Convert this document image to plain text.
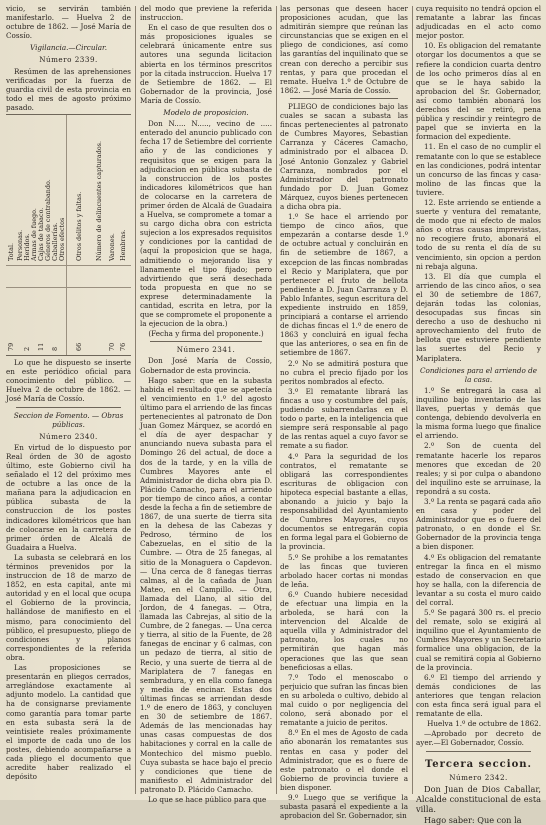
vicio, se servirán también manifestarlo. — Huelva 2 de octubre de 1862. — José María de Cossío.

Vigilancia.—Circular.

Número 2339.

Resúmen de las aprehensiones verificadas por la fuerza de guardia civil de esta provincia en todo el mes de agosto próximo pasado.

Total. Personas. Heridos. Armas de fuego. Cajas de tabaco. Géneros de contrabando. Caballerías. Otros efectos Otros delitos y faltas. Número de delincuentes capturados. Varones. Hembras.
79 2 11 8	66	70 76

Lo que he dispuesto se inserte en este periódico oficial para conocimiento del público. — Huelva 2 de octubre de 1862. — José María de Cossío.

Seccion de Fomento. — Obras públicas.

Número 2340.

En virtud de lo dispuesto por Real órden de 30 de agosto último, este Gobierno civil ha señalado el 12 del próximo mes de octubre a las once de la mañana para la adjudicacion en pública subasta de la construccion de los postes indicadores kilométricos que han de colocarse en la carretera de primer órden de Alcalá de Guadaira a Huelva.

La subasta se celebrará en los términos prevenidos por la instruccion de 18 de marzo de 1852, en esta capital, ante mi autoridad y en el local que ocupa el Gobierno de la provincia, hallándose de manifiesto en el mismo, para conocimiento del público, el presupuesto, pliego de condiciones y planos correspondientes de la referida obra.

Las proposiciones se presentarán en pliegos cerrados, arreglándose exactamente al adjunto modelo. La cantidad que ha de consignarse previamente como garantía para tomar parte en esta subasta será la de veintisiete reales próximamente el importe de cada uno de los postes, debiendo acompañarse a cada pliego el documento que acredite haber realizado el depósito

del modo que previene la referida instruccion.

En el caso de que resulten dos o más proposiciones iguales se celebrará únicamente entre sus autores una segunda licitacion abierta en los términos prescritos por la citada instruccion. Huelva 17 de Setiembre de 1862. — El Gobernador de la provincia, José María de Cossío.

Modelo de proposicion.

Don N..... N....., vecino de ..... enterado del anuncio publicado con fecha 17 de Setiembre del corriente año y de las condiciones y requisitos que se exigen para la adjudicacion en pública subasta de la construccion de los postes indicadores kilométricos que han de colocarse en la carretera de primer órden de Alcalá de Guadaira a Huelva, se compromete a tomar a su cargo dicha obra con estricta sujecion a los expresados requisitos y condiciones por la cantidad de (aquí la proposicion que se haga, admitiendo o mejorando lisa y llanamente el tipo fijado; pero advirtiendo que será desechada toda propuesta en que no se exprese determinadamente la cantidad, escrita en letra, por la que se compromete el proponente a la ejecucion de la obra.)

(Fecha y firma del proponente.)

Número 2341.

Don José María de Cossío, Gobernador de esta provincia.

Hago saber: que en la subasta habida el resultado que se apetecía el vencimiento en 1.º del agosto último para el arriendo de las fincas pertenecientes al patronato de Don Juan Gomez Márquez, se acordó en el día de ayer despachar y anunciando nueva subasta para el Domingo 26 del actual, de doce a dos de la tarde, y en la villa de Cumbres Mayores ante el Administrador de dicha obra pia D. Plácido Camacho, para el arriendo por tiempo de cinco años, a contar desde la fecha a fin de setiembre de 1867, de una suerte de tierra sita en la dehesa de las Cabezas y Pedroso, término de los Cabezuelas, en el sitio de la Cumbre. — Otra de 25 fanegas, al sitio de la Monaguera o Capdevon. — Una cerca de 8 fanegas tierras calmas, al de la cañada de Juan Mateo, en el Campillo. — Otra, llamada del Llano, al sitio del Jordon, de 4 fanegas. — Otra, llamada las Cabrejas, al sitio de la Cumbre, de 2 fanegas. — Una cerca y tierra, al sitio de la Fuente, de 28 fanegas de encinar y 6 calmas, con un pedazo de tierra, al sitio de Recio, y una suerte de tierra al de Mariplatera de 7 fanegas en sembradura, y en ella como fanega y media de encinar. Estas dos últimas fincas se arriendan desde 1.º de enero de 1863, y concluyen en 30 de setiembre de 1867. Además de las mencionadas hay unas casas compuestas de dos habitaciones y corral en la calle de Montechico del mismo pueblo. Cuya subasta se hace bajo el precio y condiciones que tiene de manifiesto el Administrador del patronato D. Plácido Camacho.

Lo que se hace público para que

las personas que deseen hacer proposiciones acudan, que las admitirán siempre que reúnan las circunstancias que se exigen en el pliego de condiciones, así como las garantías del inquilinato que se crean con derecho a percibir sus rentas, y para que procedan el remate. Huelva 1.º de Octubre de 1862. — José María de Cossío.

PLIEGO de condiciones bajo las cuales se sacan a subasta las fincas pertenecientes al patronato de Cumbres Mayores, Sebastian Carranza y Cáceres Camacho, administrado por el albacea D. José Antonio Gonzalez y Gabriel Carranza, nombrados por el Administrador del patronato fundado por D. Juan Gomez Márquez, cuyos bienes pertenecen a dicha obra pia.

1.º Se hace el arriendo por tiempo de cinco años, que empezarán a contarse desde 1.º de octubre actual y concluirán en fin de setiembre de 1867, a excepcion de las fincas nombradas el Recio y Mariplatera, que por pertenecer el fruto de bellota pendiente a D. Juan Carranza y D. Pablo Infantes, segun escritura del expediente instruido en 1859, principiará a contarse el arriendo de dichas fincas el 1.º de enero de 1863 y concluirá en igual fecha que las anteriores, o sea en fin de setiembre de 1867.

2.º No se admitirá postura que no cubra el precio fijado por los peritos nombrados al efecto.

3.º El rematante librará las fincas a uso y costumbre del país, pudiendo subarrendarlas en el todo o parte, en la inteligencia que siempre será responsable al pago de las rentas aquel a cuyo favor se remate a su fiador.

4.º Para la seguridad de los contratos, el rematante se obligará las correspondientes escrituras de obligacion con hipoteca especial bastante a ellas, abonando a juicio y bajo la responsabilidad del Ayuntamiento de Cumbres Mayores, cuyos documentos se entregarán copia en forma legal para el Gobierno de la provincia.

5.º Se prohibe a los rematantes de las fincas que tuvieren arbolado hacer cortas ni mondas de leña.

6.º Cuando hubiere necesidad de efectuar una limpia en la arboleda, se hará con la intervencion del Alcalde de aquella villa y Administrador del patronato, los cuales no permitirán que hagan más operaciones que las que sean beneficiosas a ellas.

7.º Todo el menoscabo o perjuicio que sufran las fincas bien en su arboleda o cultivo, debido al mal cuido o por negligencia del colono, será abonado por el rematante a juicio de peritos.

8.º En el mes de Agosto de cada año abonarán los rematantes sus rentas en casa y poder del Administrador, que es o fuere de este patronato o el donde el Gobierno de provincia tuviere a bien disponer.

9.º Luego que se verifique la subasta pasará el expediente a la aprobacion del Sr. Gobernador, sin

cuya requisito no tendrá opcion el rematante a labrar las fincas adjudicadas en el acto como mejor postor.

10. Es obligacion del rematante otorgar los documentos a que se refiere la condicion cuarta dentro de los ocho primeros días al en que se le haya sabido la aprobacion del Sr. Gobernador, así como también abonará los derechos del se retiró, pena pública y rescindir y reintegro de papel que se invierta en la formacion del expediente.

11. En el caso de no cumplir el rematante con lo que se establece en las condiciones, podrá intentar un concurso de las fincas y casa-molino de las fincas que la tuviere.

12. Este arriendo se entiende a suerte y ventura del rematante, de modo que ni efecto de malos años o otras causas imprevistas, no recogiere fruto, abonará el todo de su renta el día de su vencimiento, sin opcion a perdon ni rebaja alguna.

13. El día que cumpla el arriendo de las cinco años, o sea el 30 de setiembre de 1867, dejarán todas las colonias, desocupadas sus fincas sin derecho a uso de deshucho ni aprovechamiento del fruto de bellota que estuviere pendiente las suertes del Recio y Mariplatera.

Condiciones para el arriendo de la casa.

1.º Se entregará la casa al inquilino bajo inventario de las llaves, puertas y demás que contenga, debiendo devolverla en la misma forma luego que finalice el arriendo.

2.º Son de cuenta del rematante hacerle los reparos menores que excedan de 20 reales; y si por culpa o abandono del inquilino este se arruinase, la repondrá a su costa.

3.º La renta se pagará cada año en casa y poder del Administrador que es o fuere del patronato, o en donde el Sr. Gobernador de la provincia tenga a bien disponer.

4.º Es obligacion del rematante entregar la finca en el mismo estado de conservacion en que hoy se halla, con la diferencia de levantar a su costa el muro caido del corral.

5.º Se pagará 300 rs. el precio del remate, solo se exigirá al inquilino que el Ayuntamiento de Cumbres Mayores y un Secretario formalice una obligacion, de la cual se remitirá copia al Gobierno de la provincia.

6.º El tiempo del arriendo y demás condiciones de las anteriores que tengan relacion con esta finca será igual para el rematante de ella.

Huelva 1.º de octubre de 1862.

—Aprobado por decreto de ayer.—El Gobernador, Cossío.

Tercera seccion.

Número 2342.

Don Juan de Dios Caballar, Alcalde constitucional de esta villa.

Hago saber: Que con la
